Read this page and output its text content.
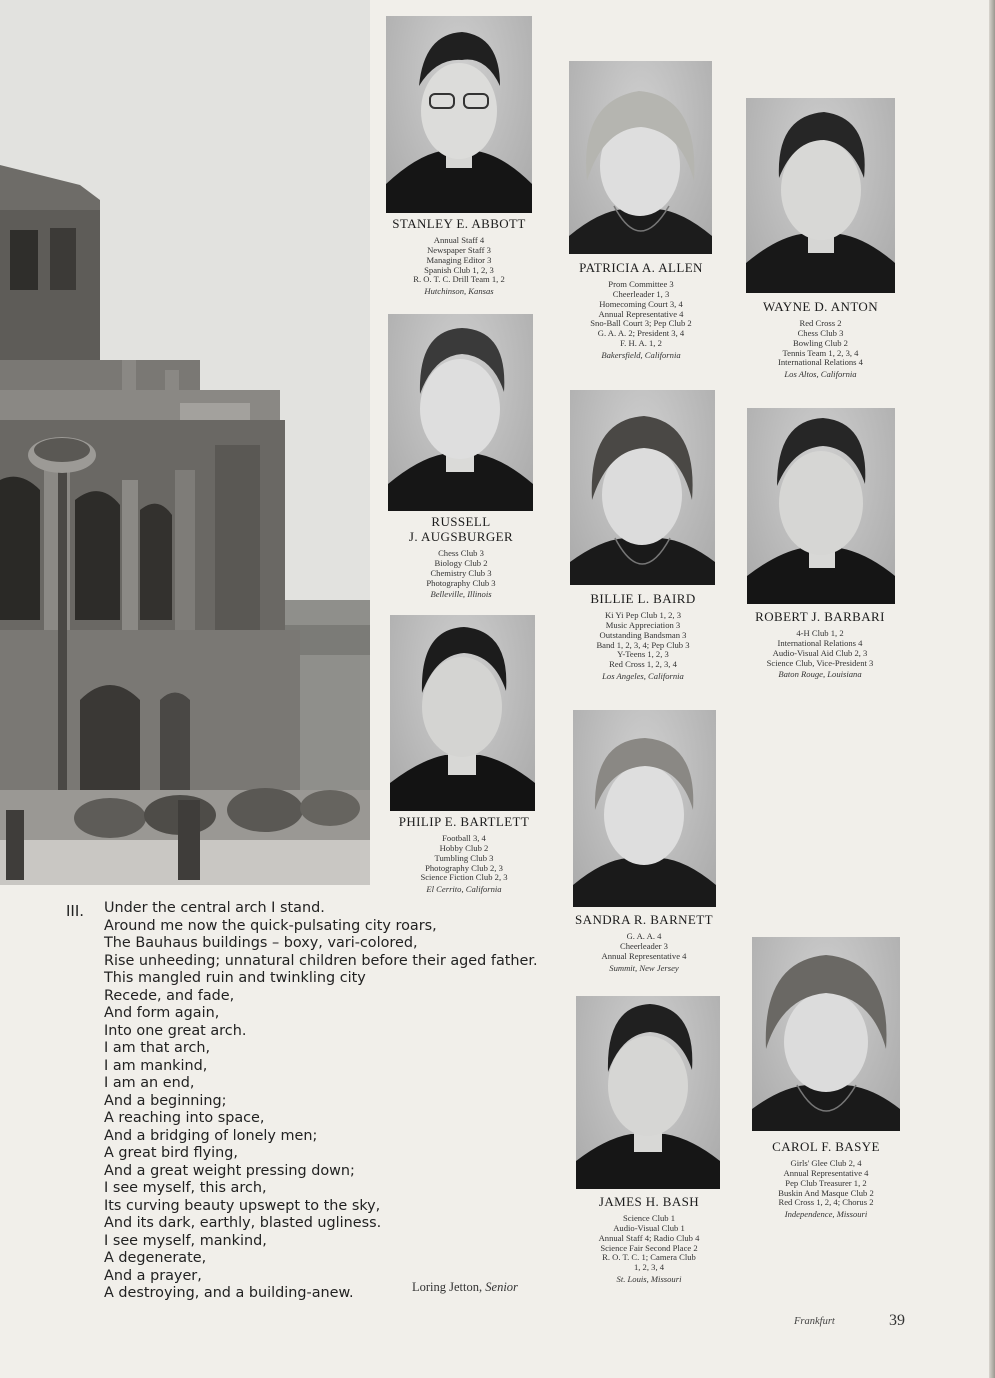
STANLEY E. ABBOTT
Annual Staff 4
Newspaper Staff 3
Managing Editor 3
Spanish Club 1, 2, 3
R. O. T. C. Drill Team 1, 2
Hutchinson, Kansas
PATRICIA A. ALLEN
Prom Committee 3
Cheerleader 1, 3
Homecoming Court 3, 4
Annual Representative 4
Sno-Ball Court 3; Pep Club 2
G. A. A. 2; President 3, 4
F. H. A. 1, 2
Bakersfield, California
WAYNE D. ANTON
Red Cross 2
Chess Club 3
Bowling Club 2
Tennis Team 1, 2, 3, 4
International Relations 4
Los Altos, California
RUSSELL
J. AUGSBURGER
Chess Club 3
Biology Club 2
Chemistry Club 3
Photography Club 3
Belleville, Illinois	BILLIE L. BAIRD
Ki Yi Pep Club 1, 2, 3
Music Appreciation 3
Outstanding Bandsman 3
Band 1, 2, 3, 4; Pep Club 3
Y-Teens 1, 2, 3
Red Cross 1, 2, 3, 4
Los Angeles, California
ROBERT J. BARBARI
4-H Club 1, 2
International Relations 4
Audio-Visual Aid Club 2, 3
Science Club, Vice-President 3
Baton Rouge, Louisiana
PHILIP E. BARTLETT
Football 3, 4
Hobby Club 2
Tumbling Club 3
Photography Club 2, 3
Science Fiction Club 2, 3
El Cerrito, California
SANDRA R. BARNETT
G. A. A. 4
Cheerleader 3
Annual Representative 4
Summit, New Jersey
JAMES H. BASH
Science Club 1
Audio-Visual Club 1
Annual Staff 4; Radio Club 4
Science Fair Second Place 2
R. O. T. C. 1; Camera Club
1, 2, 3, 4
St. Louis, Missouri
CAROL F. BASYE
Girls' Glee Club 2, 4
Annual Representative 4
Pep Club Treasurer 1, 2
Buskin And Masque Club 2
Red Cross 1, 2, 4; Chorus 2
Independence, Missouri
III. Under the central arch I stand.
Around me now the quick-pulsating city roars,
The Bauhaus buildings – boxy, vari-colored,
Rise unheeding; unnatural children before their aged father.
This mangled ruin and twinkling city
Recede, and fade,
And form again,
Into one great arch.
I am that arch,
I am mankind,
I am an end,
And a beginning;
A reaching into space,
And a bridging of lonely men;
A great bird flying,
And a great weight pressing down;
I see myself, this arch,
Its curving beauty upswept to the sky,
And its dark, earthly, blasted ugliness.
I see myself, mankind,
A degenerate,
And a prayer,
A destroying, and a building-anew.	Loring Jetton, Senior
Frankfurt	39
